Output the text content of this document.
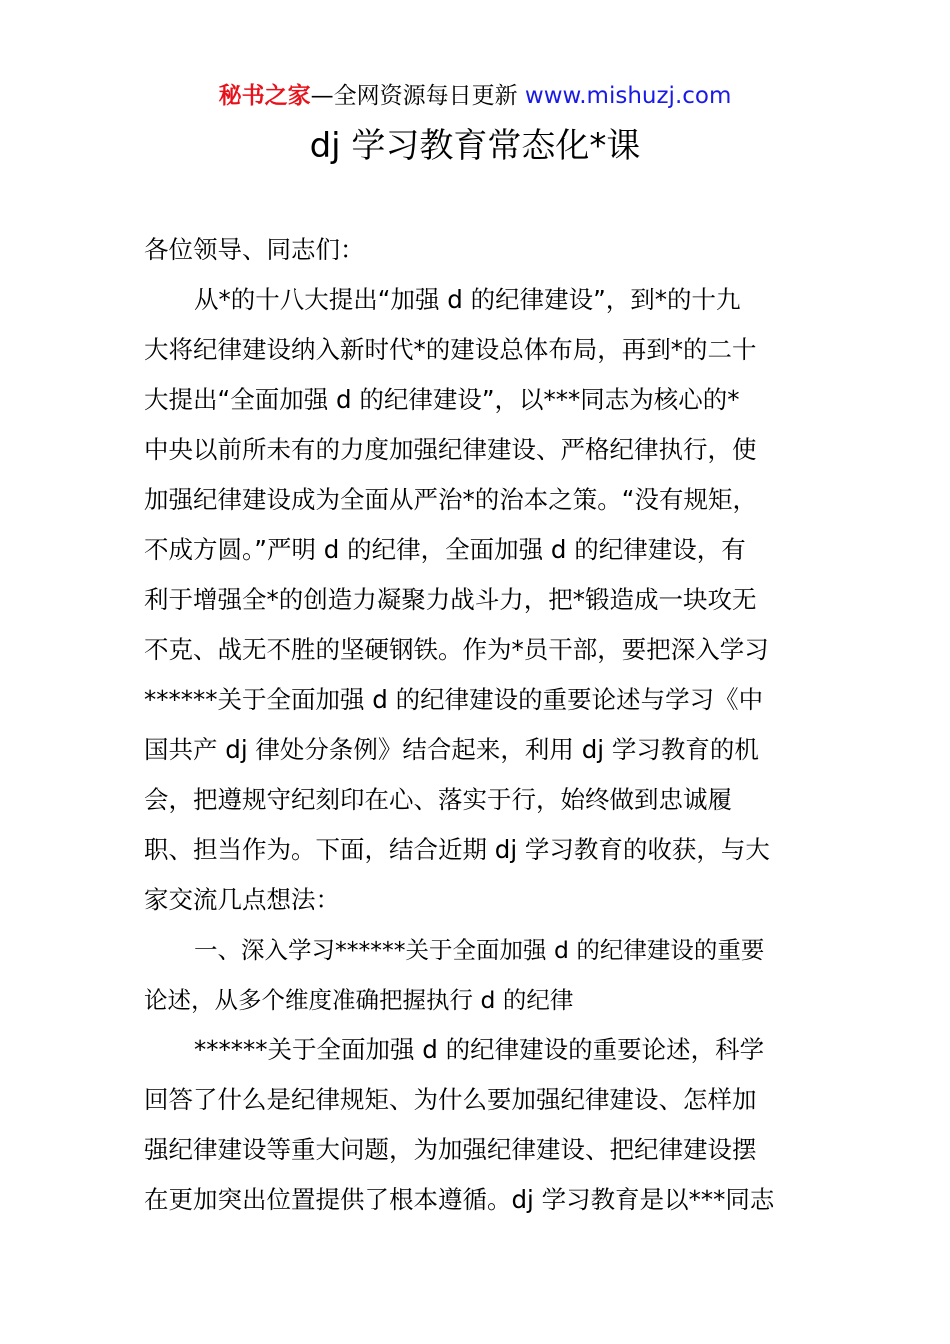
秘书之家—全网资源每日更新 www.mishuzj.com
dj 学习教育常态化*课
各位领导、同志们：
从*的十八大提出“加强 d 的纪律建设”，到*的十九
大将纪律建设纳入新时代*的建设总体布局，再到*的二十
大提出“全面加强 d 的纪律建设”，以***同志为核心的*
中央以前所未有的力度加强纪律建设、严格纪律执行，使
加强纪律建设成为全面从严治*的治本之策。“没有规矩，
不成方圆。”严明 d 的纪律，全面加强 d 的纪律建设，有
利于增强全*的创造力凝聚力战斗力，把*锻造成一块攻无
不克、战无不胜的坚硬钢铁。作为*员干部，要把深入学习
******关于全面加强 d 的纪律建设的重要论述与学习《中
国共产 dj 律处分条例》结合起来，利用 dj 学习教育的机
会，把遵规守纪刻印在心、落实于行，始终做到忠诚履
职、担当作为。下面，结合近期 dj 学习教育的收获，与大
家交流几点想法：
一、深入学习******关于全面加强 d 的纪律建设的重要
论述，从多个维度准确把握执行 d 的纪律
******关于全面加强 d 的纪律建设的重要论述，科学
回答了什么是纪律规矩、为什么要加强纪律建设、怎样加
强纪律建设等重大问题，为加强纪律建设、把纪律建设摆
在更加突出位置提供了根本遵循。dj 学习教育是以***同志
